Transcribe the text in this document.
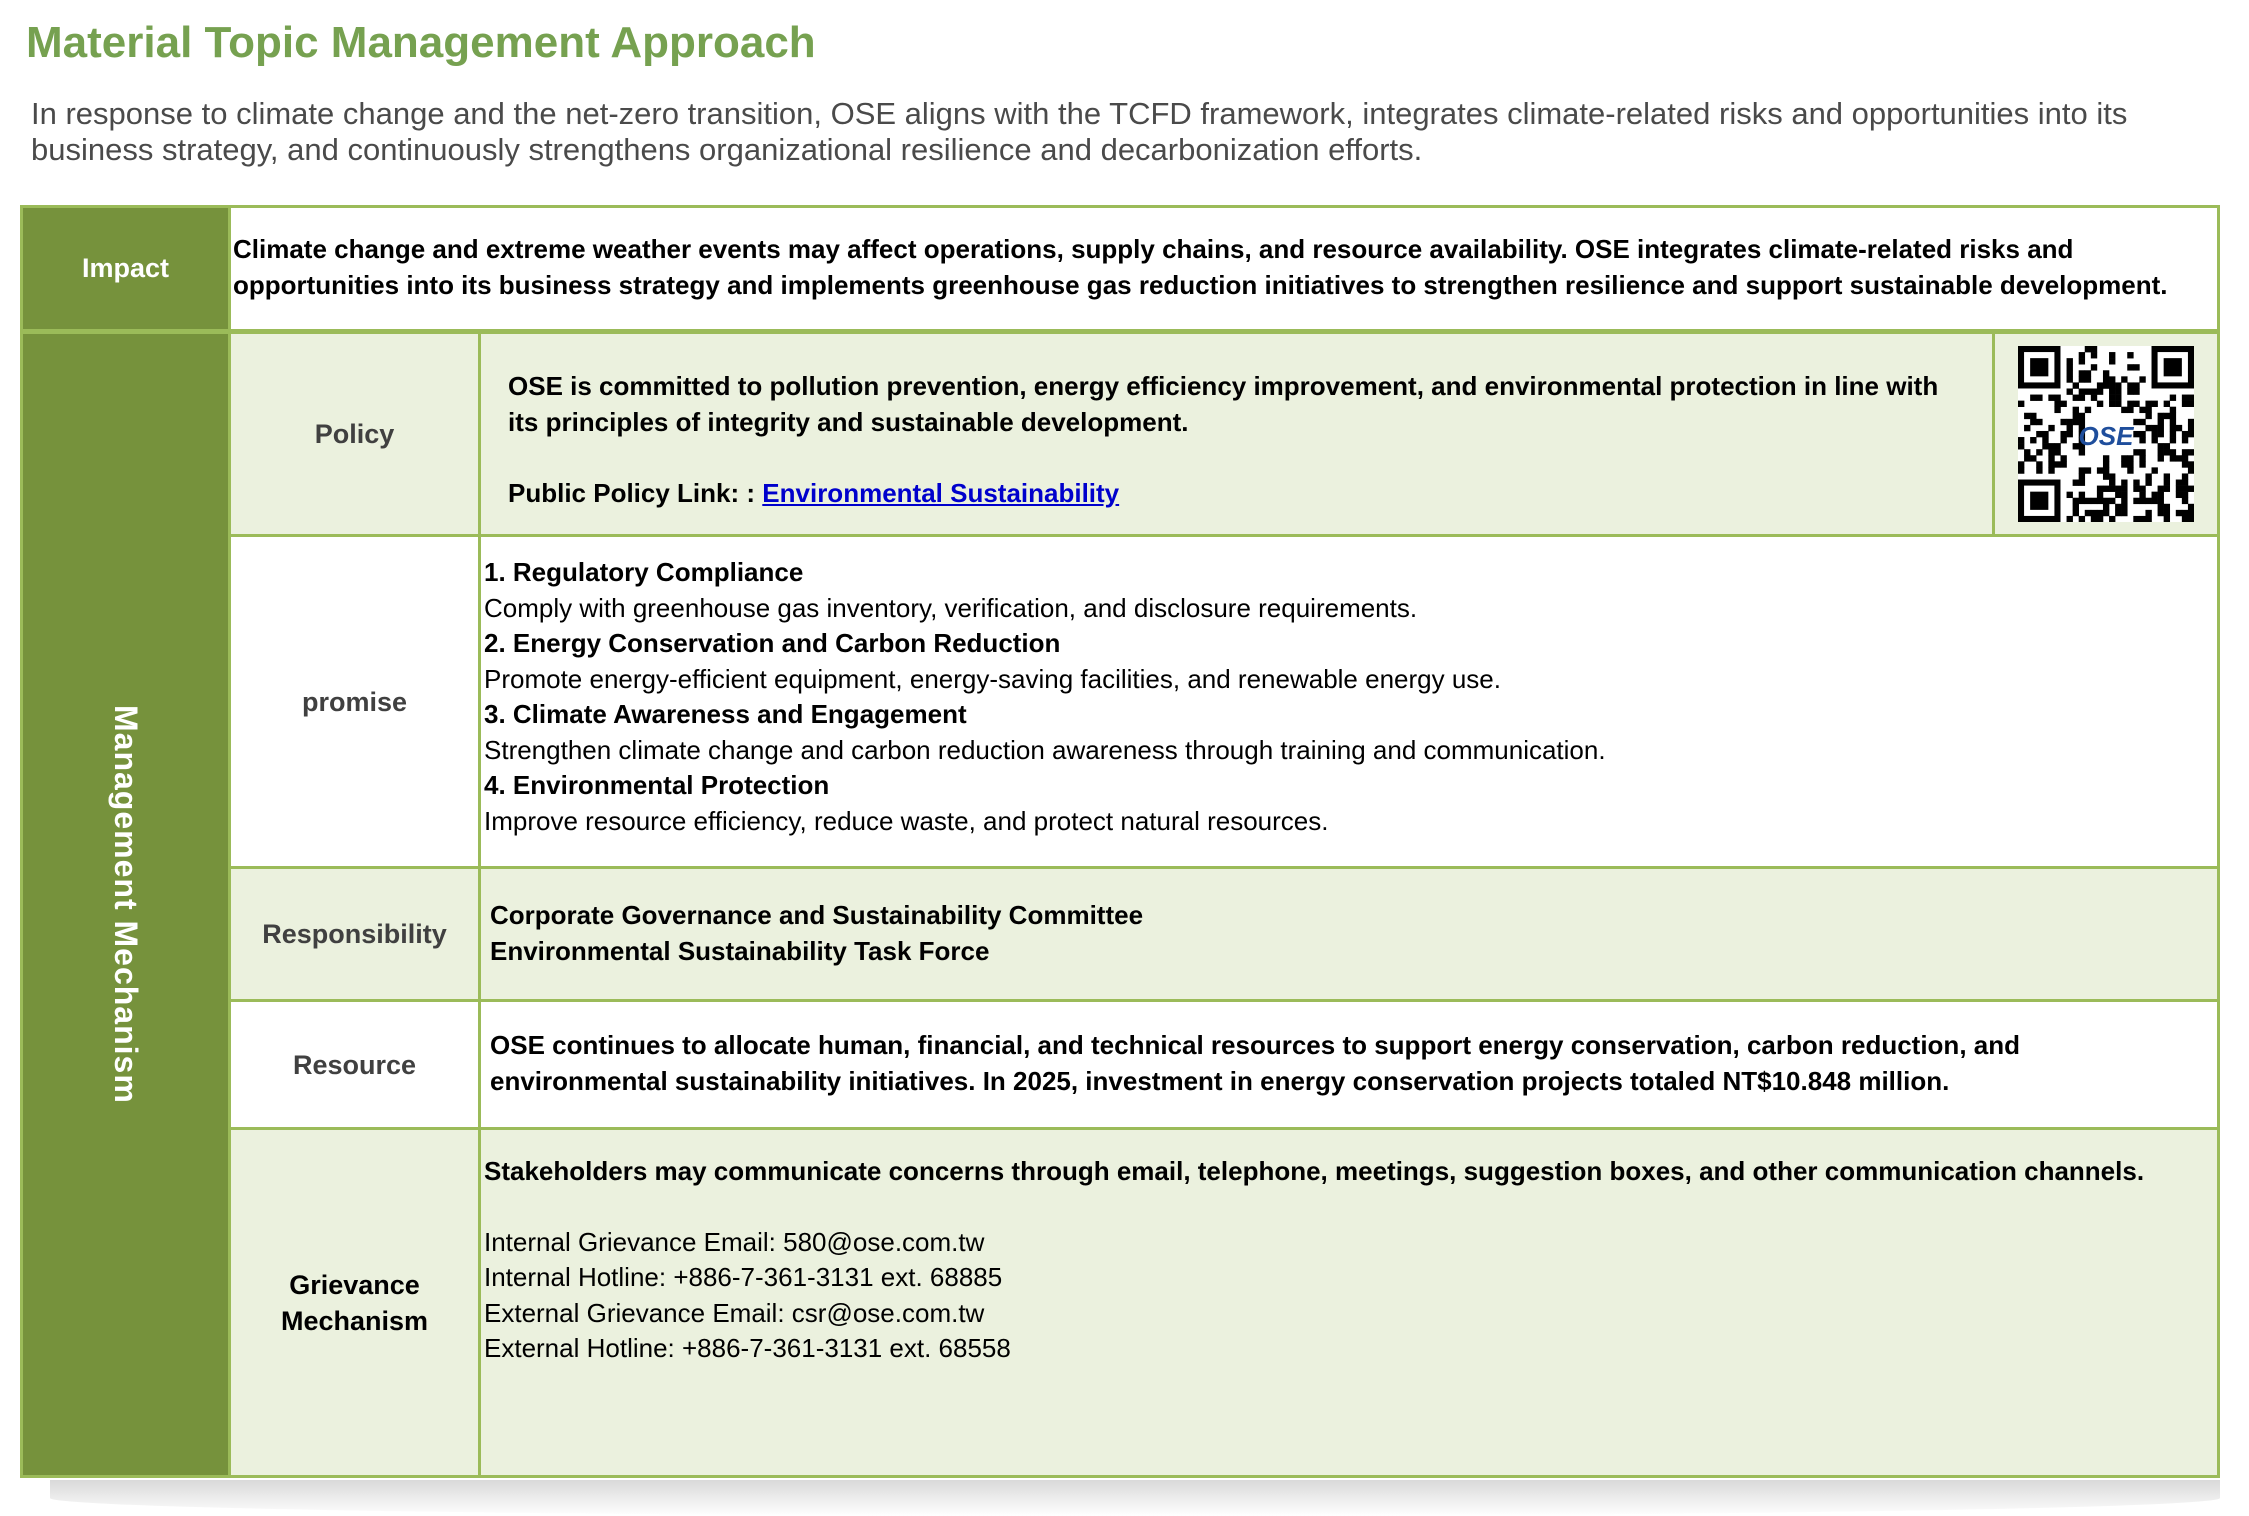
Material Topic Management Approach
In response to climate change and the net-zero transition, OSE aligns with the TCFD framework, integrates climate-related risks and opportunities into its business strategy, and continuously strengthens organizational resilience and decarbonization efforts.
Impact
Climate change and extreme weather events may affect operations, supply chains, and resource availability. OSE integrates climate-related risks and opportunities into its business strategy and implements greenhouse gas reduction initiatives to strengthen resilience and support sustainable development.
Management Mechanism
Policy
OSE is committed to pollution prevention, energy efficiency improvement, and environmental protection in line with its principles of integrity and sustainable development.
Public Policy Link: : Environmental Sustainability
OSE
promise
1. Regulatory Compliance
Comply with greenhouse gas inventory, verification, and disclosure requirements.
2. Energy Conservation and Carbon Reduction
Promote energy-efficient equipment, energy-saving facilities, and renewable energy use.
3. Climate Awareness and Engagement
Strengthen climate change and carbon reduction awareness through training and communication.
4. Environmental Protection
Improve resource efficiency, reduce waste, and protect natural resources.
Responsibility
Corporate Governance and Sustainability Committee
Environmental Sustainability Task Force
Resource
OSE continues to allocate human, financial, and technical resources to support energy conservation, carbon reduction, and environmental sustainability initiatives. In 2025, investment in energy conservation projects totaled NT$10.848 million.
Grievance
Mechanism
Stakeholders may communicate concerns through email, telephone, meetings, suggestion boxes, and other communication channels.
Internal Grievance Email: 580@ose.com.tw
Internal Hotline: +886-7-361-3131 ext. 68885
External Grievance Email: csr@ose.com.tw
External Hotline: +886-7-361-3131 ext. 68558
